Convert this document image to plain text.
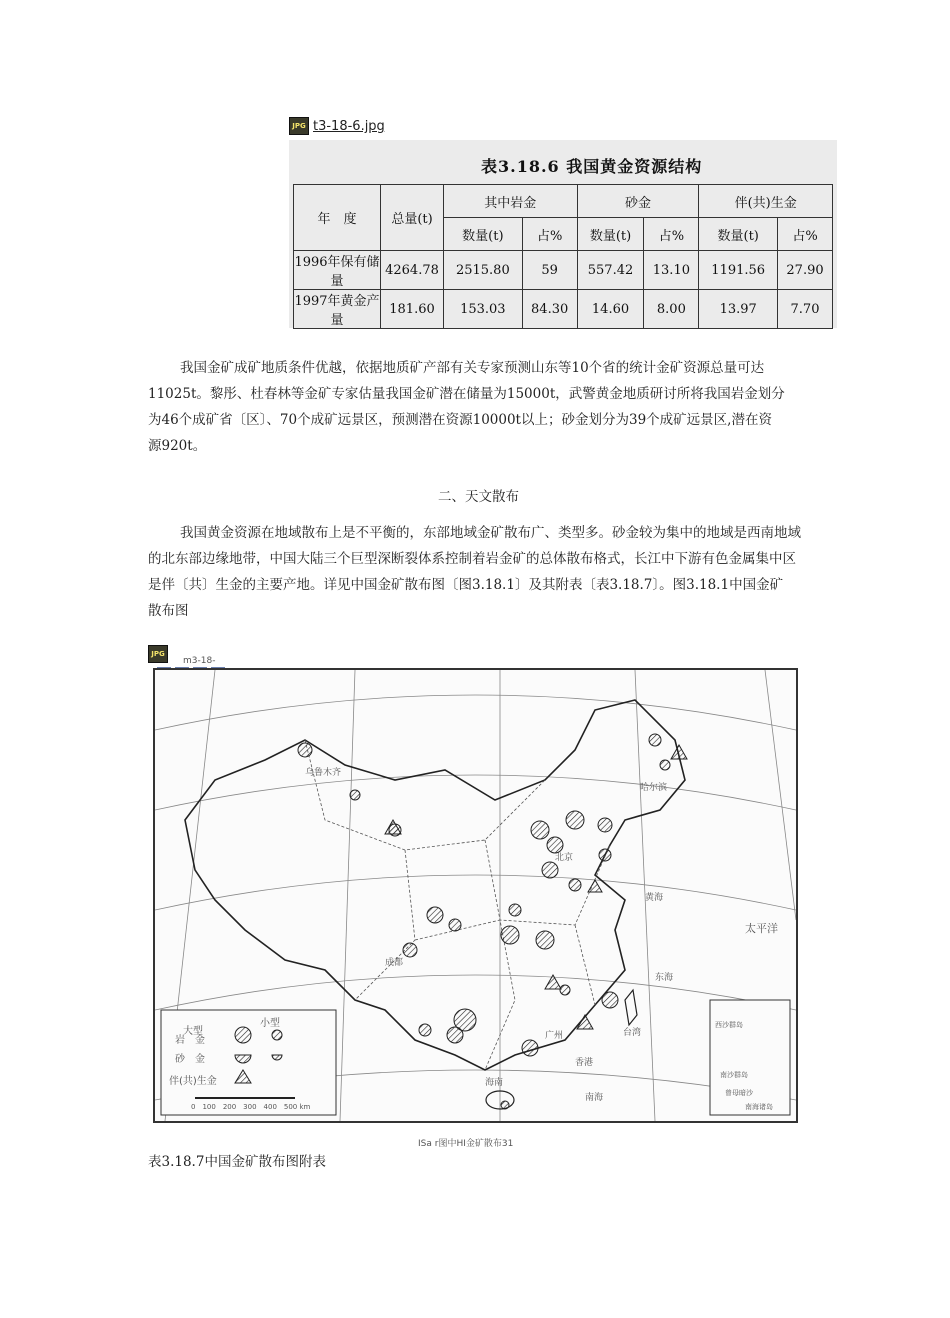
JPG t3-18-6.jpg
表3.18.6 我国黄金资源结构
年　度	总量(t)	其中岩金		砂金		伴(共)生金	
		数量(t)	占%	数量(t)	占%	数量(t)	占%
1996年保有储量	4264.78	2515.80	59	557.42	13.10	1191.56	27.90
1997年黄金产量	181.60	153.03	84.30	14.60	8.00	13.97	7.70
我国金矿成矿地质条件优越，依据地质矿产部有关专家预测山东等10个省的统计金矿资源总量可达
11025t。黎彤、杜春林等金矿专家估量我国金矿潜在储量为15000t，武警黄金地质研讨所将我国岩金划分
为46个成矿省〔区〕、70个成矿远景区，预测潜在资源10000t以上；砂金划分为39个成矿远景区,潜在资
源920t。
二、天文散布
我国黄金资源在地域散布上是不平衡的，东部地域金矿散布广、类型多。砂金较为集中的地域是西南地域
的北东部边缘地带，中国大陆三个巨型深断裂体系控制着岩金矿的总体散布格式，长江中下游有色金属集中区
是伴〔共〕生金的主要产地。详见中国金矿散布图〔图3.18.1〕及其附表〔表3.18.7〕。图3.18.1中国金矿
散布图
JPG
m3-18-
大型
小型
岩　金
砂　金
伴(共)生金
0　100　200　300　400　500 km
乌鲁木齐
哈尔滨
北京
成都
黄海
东海
广州	台湾
海南
南海
太平洋
香港
西沙群岛
南沙群岛
曾母暗沙
南海诸岛
ISa r图中HI金矿散布31
表3.18.7中国金矿散布图附表
